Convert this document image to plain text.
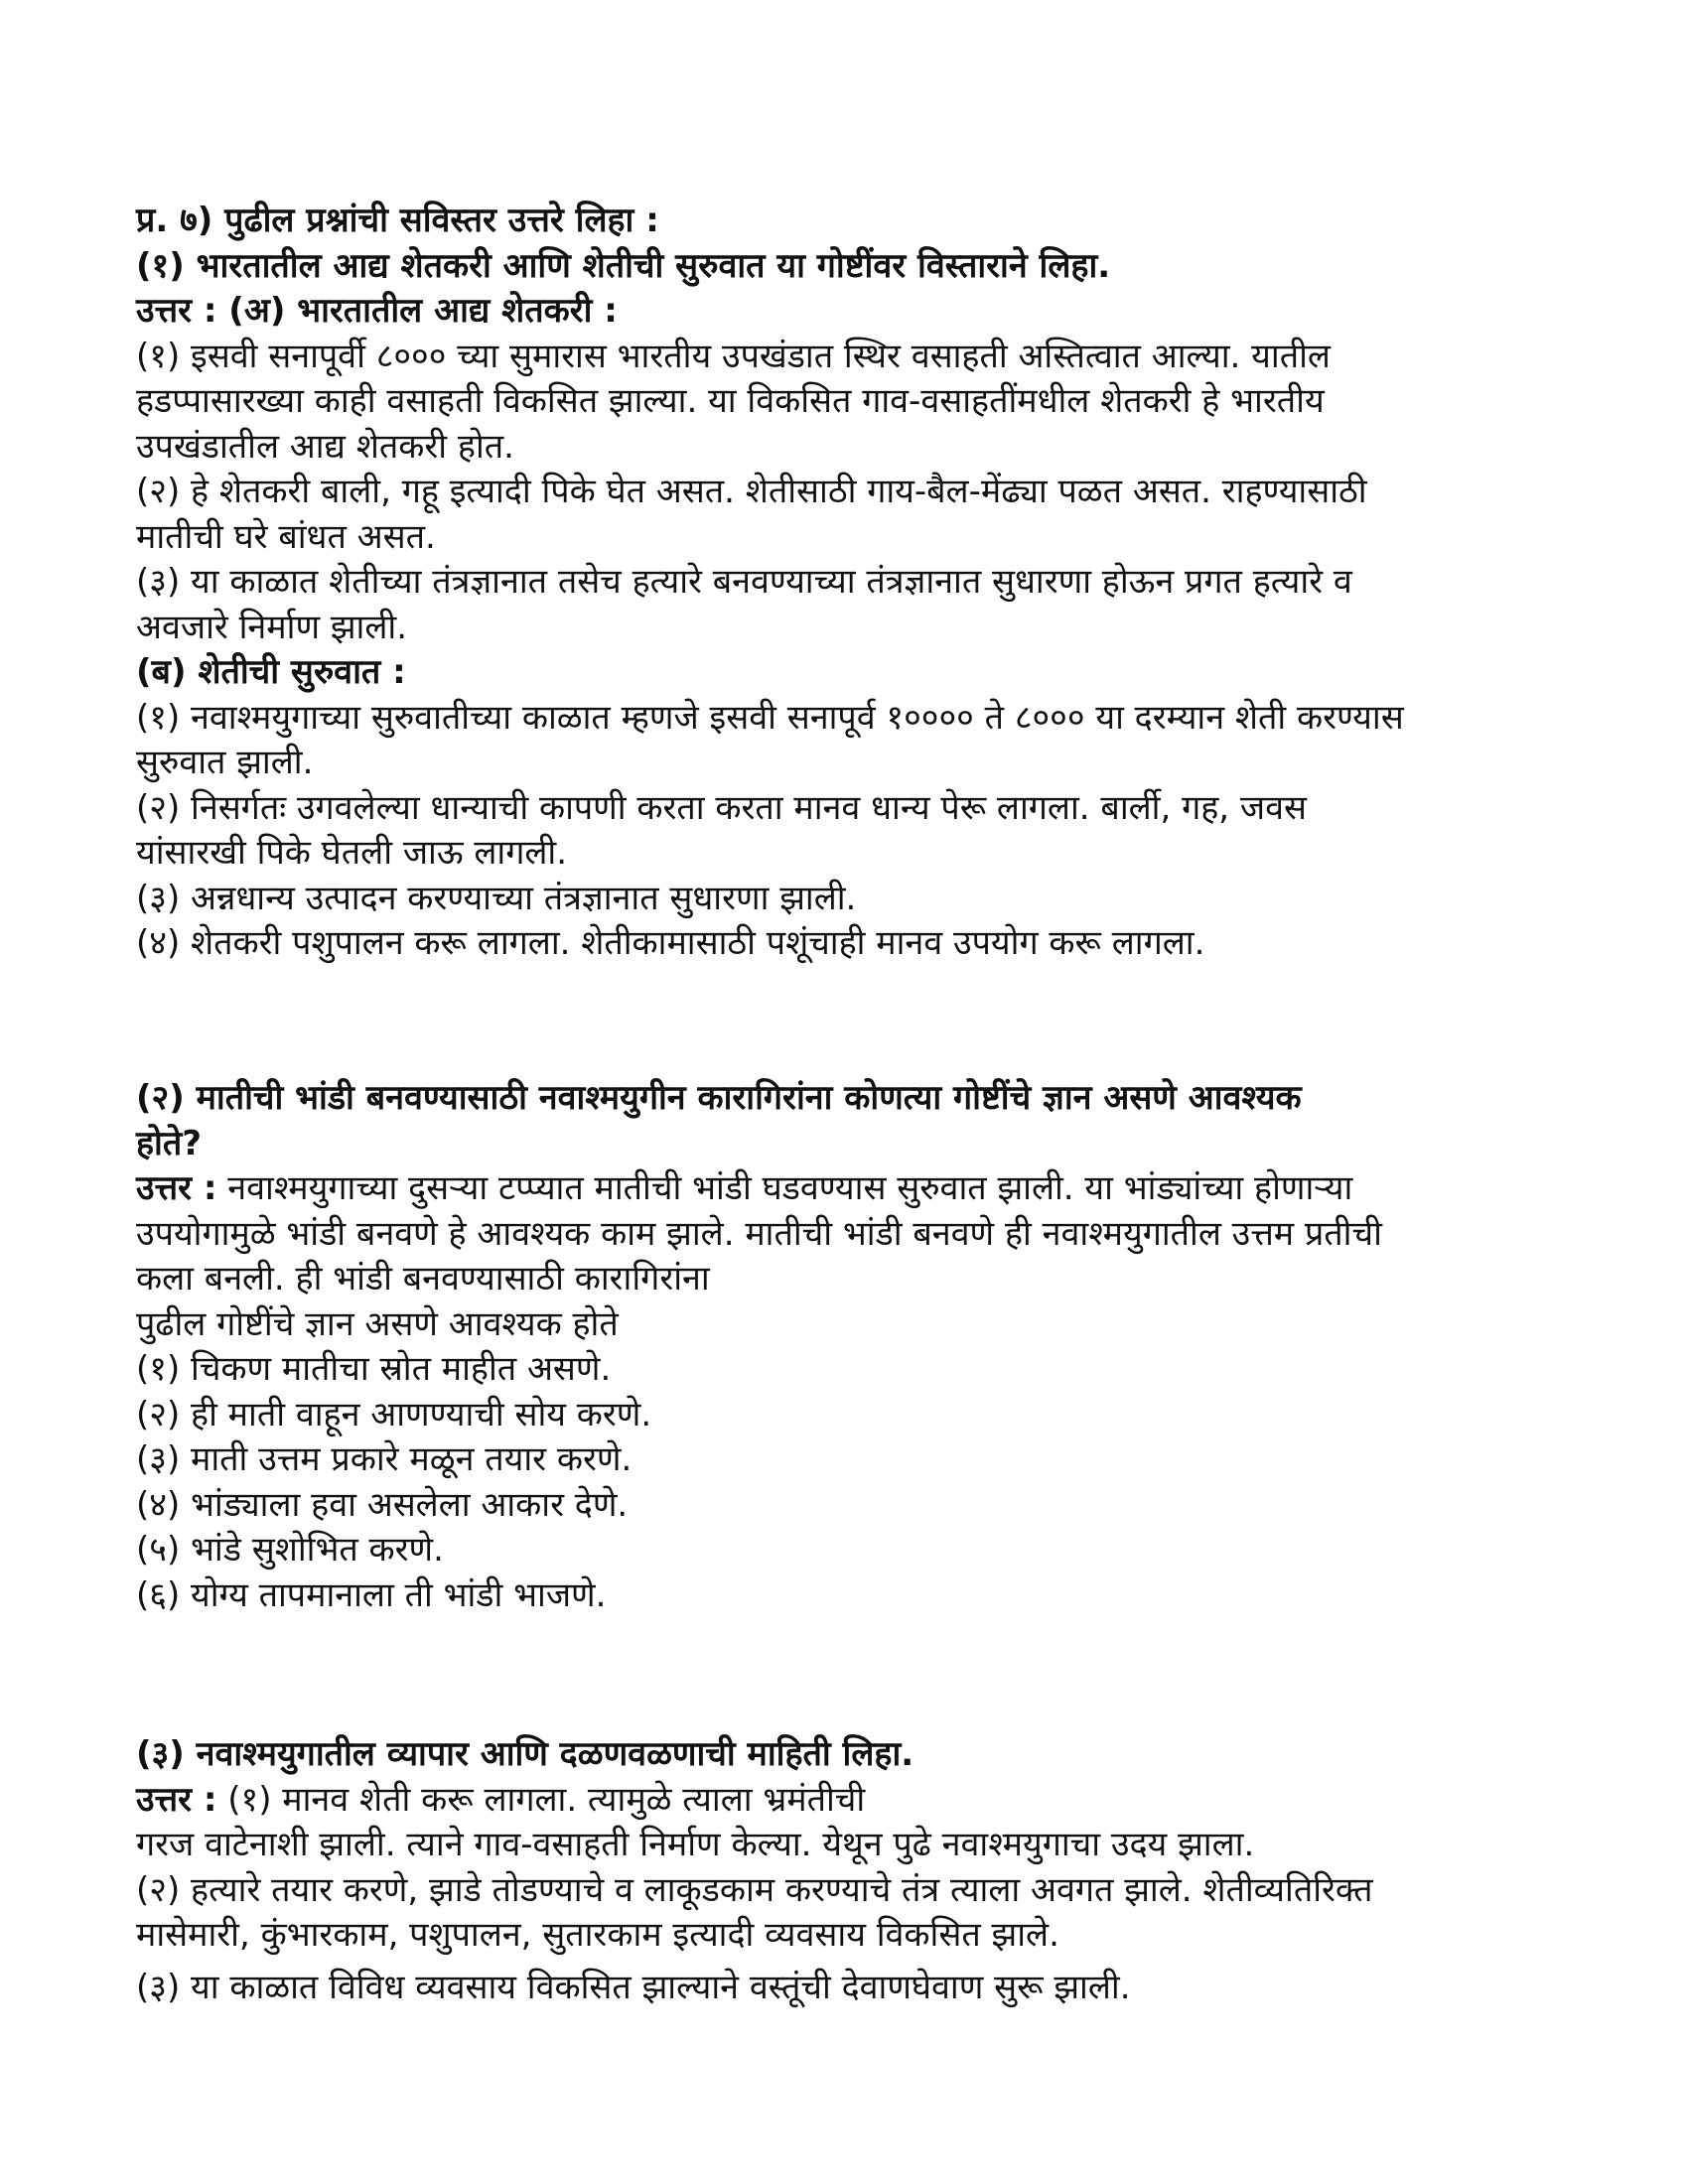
प्र. ७) पुढील प्रश्नांची सविस्तर उत्तरे लिहा :
(१) भारतातील आद्य शेतकरी आणि शेतीची सुरुवात या गोष्टींवर विस्ताराने लिहा.
उत्तर : (अ) भारतातील आद्य शेतकरी :
(१) इसवी सनापूर्वी ८००० च्या सुमारास भारतीय उपखंडात स्थिर वसाहती अस्तित्वात आल्या. यातील
हडप्पासारख्या काही वसाहती विकसित झाल्या. या विकसित गाव-वसाहतींमधील शेतकरी हे भारतीय
उपखंडातील आद्य शेतकरी होत.
(२) हे शेतकरी बाली, गहू इत्यादी पिके घेत असत. शेतीसाठी गाय-बैल-मेंढ्या पळत असत. राहण्यासाठी
मातीची घरे बांधत असत.
(३) या काळात शेतीच्या तंत्रज्ञानात तसेच हत्यारे बनवण्याच्या तंत्रज्ञानात सुधारणा होऊन प्रगत हत्यारे व
अवजारे निर्माण झाली.
(ब) शेतीची सुरुवात :
(१) नवाश्मयुगाच्या सुरुवातीच्या काळात म्हणजे इसवी सनापूर्व १०००० ते ८००० या दरम्यान शेती करण्यास
सुरुवात झाली.
(२) निसर्गतः उगवलेल्या धान्याची कापणी करता करता मानव धान्य पेरू लागला. बार्ली, गह, जवस
यांसारखी पिके घेतली जाऊ लागली.
(३) अन्नधान्य उत्पादन करण्याच्या तंत्रज्ञानात सुधारणा झाली.
(४) शेतकरी पशुपालन करू लागला. शेतीकामासाठी पशूंचाही मानव उपयोग करू लागला.
(२) मातीची भांडी बनवण्यासाठी नवाश्मयुगीन कारागिरांना कोणत्या गोष्टींचे ज्ञान असणे आवश्यक
होते?
उत्तर : नवाश्मयुगाच्या दुसऱ्या टप्प्यात मातीची भांडी घडवण्यास सुरुवात झाली. या भांड्यांच्या होणाऱ्या
उपयोगामुळे भांडी बनवणे हे आवश्यक काम झाले. मातीची भांडी बनवणे ही नवाश्मयुगातील उत्तम प्रतीची
कला बनली. ही भांडी बनवण्यासाठी कारागिरांना
पुढील गोष्टींचे ज्ञान असणे आवश्यक होते
(१) चिकण मातीचा स्रोत माहीत असणे.
(२) ही माती वाहून आणण्याची सोय करणे.
(३) माती उत्तम प्रकारे मळून तयार करणे.
(४) भांड्याला हवा असलेला आकार देणे.
(५) भांडे सुशोभित करणे.
(६) योग्य तापमानाला ती भांडी भाजणे.
(३) नवाश्मयुगातील व्यापार आणि दळणवळणाची माहिती लिहा.
उत्तर : (१) मानव शेती करू लागला. त्यामुळे त्याला भ्रमंतीची
गरज वाटेनाशी झाली. त्याने गाव-वसाहती निर्माण केल्या. येथून पुढे नवाश्मयुगाचा उदय झाला.
(२) हत्यारे तयार करणे, झाडे तोडण्याचे व लाकूडकाम करण्याचे तंत्र त्याला अवगत झाले. शेतीव्यतिरिक्त
मासेमारी, कुंभारकाम, पशुपालन, सुतारकाम इत्यादी व्यवसाय विकसित झाले.
(३) या काळात विविध व्यवसाय विकसित झाल्याने वस्तूंची देवाणघेवाण सुरू झाली.
